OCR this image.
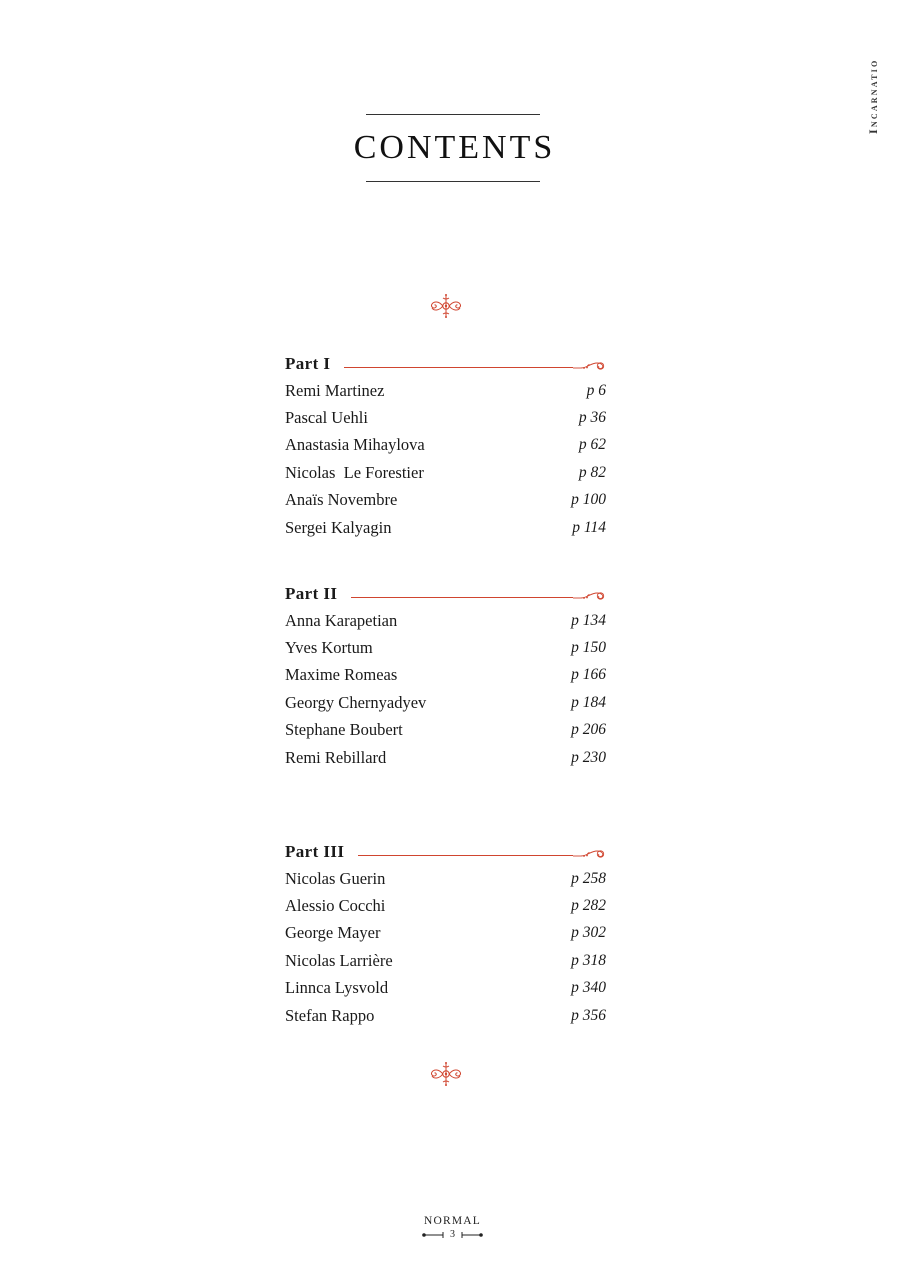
Incarnatio
CONTENTS
Part I
Remi Martinez	p 6
Pascal Uehli	p 36
Anastasia Mihaylova	p 62
Nicolas  Le Forestier	p 82
Anaïs Novembre	p 100
Sergei Kalyagin	p 114
Part II
Anna Karapetian	p 134
Yves Kortum	p 150
Maxime Romeas	p 166
Georgy Chernyadyev	p 184
Stephane Boubert	p 206
Remi Rebillard	p 230
Part III
Nicolas Guerin	p 258
Alessio Cocchi	p 282
George Mayer	p 302
Nicolas Larrière	p 318
Linnca Lysvold	p 340
Stefan Rappo	p 356
NORMAL
3
